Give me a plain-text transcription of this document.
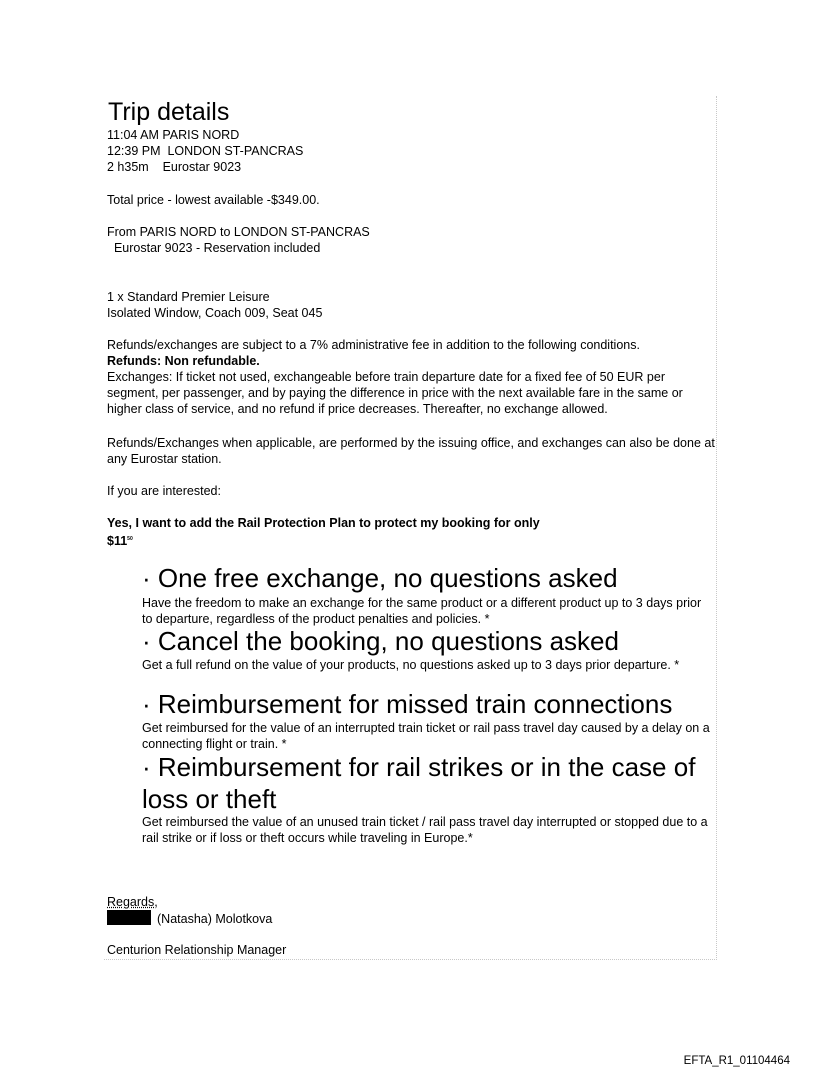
Trip details
11:04 AM PARIS NORD
12:39 PM  LONDON ST-PANCRAS
2 h35m    Eurostar 9023
Total price - lowest available -$349.00.
From PARIS NORD to LONDON ST-PANCRAS
Eurostar 9023 - Reservation included
1 x Standard Premier Leisure
Isolated Window, Coach 009, Seat 045
Refunds/exchanges are subject to a 7% administrative fee in addition to the following conditions.
Refunds: Non refundable.
Exchanges: If ticket not used, exchangeable before train departure date for a fixed fee of 50 EUR per segment, per passenger, and by paying the difference in price with the next available fare in the same or higher class of service, and no refund if price decreases. Thereafter, no exchange allowed.
Refunds/Exchanges when applicable, are performed by the issuing office, and exchanges can also be done at any Eurostar station.
If you are interested:
Yes, I want to add the Rail Protection Plan to protect my booking for only
$\$11^{50}$
· One free exchange, no questions asked
Have the freedom to make an exchange for the same product or a different product up to 3 days prior to departure, regardless of the product penalties and policies. *
· Cancel the booking, no questions asked
Get a full refund on the value of your products, no questions asked up to 3 days prior departure. *
· Reimbursement for missed train connections
Get reimbursed for the value of an interrupted train ticket or rail pass travel day caused by a delay on a connecting flight or train. *
· Reimbursement for rail strikes or in the case of loss or theft
Get reimbursed the value of an unused train ticket / rail pass travel day interrupted or stopped due to a rail strike or if loss or theft occurs while traveling in Europe.*
Regards,
(Natasha) Molotkova
Centurion Relationship Manager
EFTA_R1_01104464
